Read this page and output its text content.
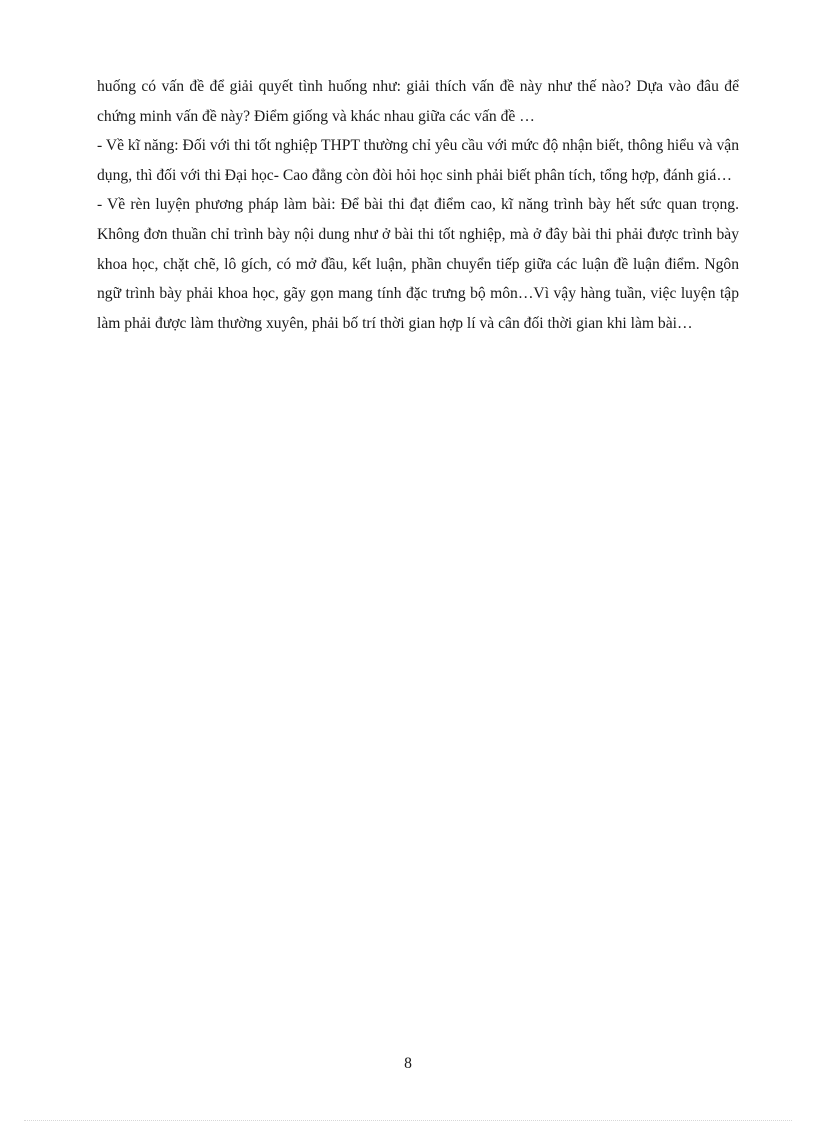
huống có vấn đề để giải quyết tình huống như: giải thích vấn đề này như thế nào? Dựa vào đâu để chứng minh vấn đề này? Điểm giống và khác nhau giữa các vấn đề …

- Về kĩ năng: Đối với thi tốt nghiệp THPT thường chỉ yêu cầu với mức độ nhận biết, thông hiểu và vận dụng, thì đối với thi Đại học- Cao đẳng còn đòi hỏi học sinh phải biết phân tích, tổng hợp, đánh giá…

- Về rèn luyện phương pháp làm bài: Để bài thi đạt điểm cao, kĩ năng trình bày hết sức quan trọng. Không đơn thuần chỉ trình bày nội dung như ở bài thi tốt nghiệp, mà ở đây bài thi phải được trình bày khoa học, chặt chẽ, lô gích, có mở đầu, kết luận, phần chuyển tiếp giữa các luận đề luận điểm. Ngôn ngữ trình bày phải khoa học, gãy gọn mang tính đặc trưng bộ môn…Vì vậy hàng tuần, việc luyện tập làm phải được làm thường xuyên, phải bố trí thời gian hợp lí và cân đối thời gian khi làm bài…

8
